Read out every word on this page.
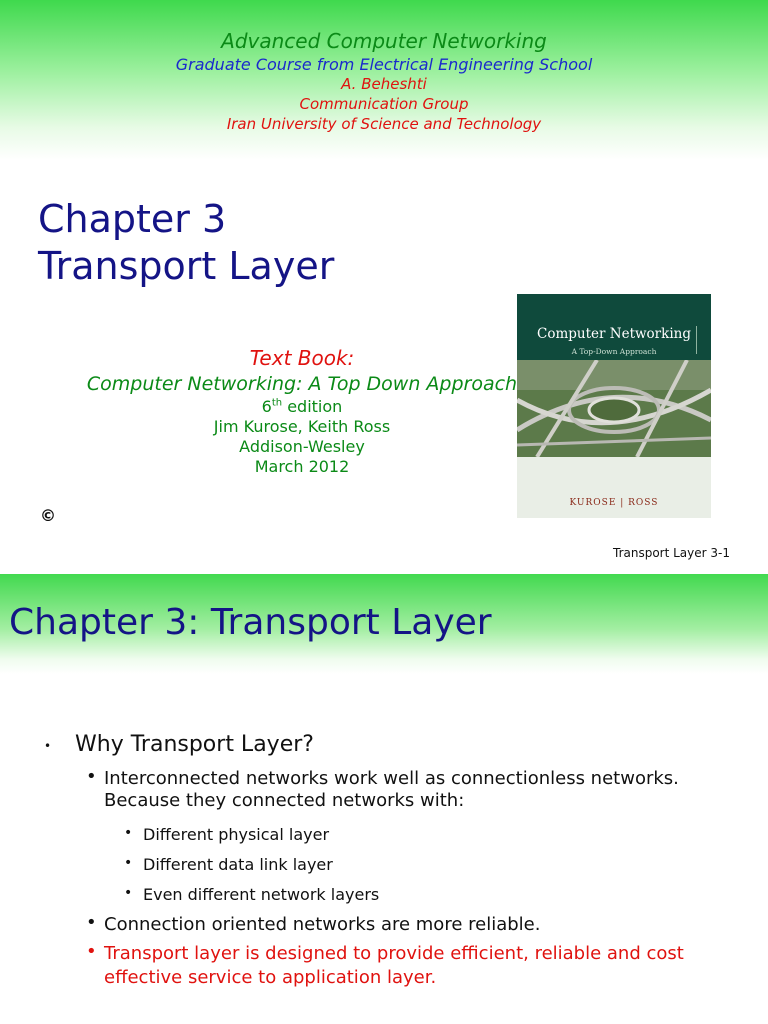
Advanced Computer Networking
Graduate Course from Electrical Engineering School
A. Beheshti
Communication Group
Iran University of Science and Technology
Chapter 3
Transport Layer
Text Book:
Computer Networking: A Top Down Approach
6th edition
Jim Kurose, Keith Ross
Addison-Wesley
March 2012
Computer Networking
A Top-Down Approach
KUROSE | ROSS
©
Transport Layer 3-1
Chapter 3: Transport Layer
• Why Transport Layer?
• Interconnected networks work well as connectionless networks.
Because they connected networks with:
• Different physical layer
• Different data link layer
• Even different network layers
• Connection oriented networks are more reliable.
• Transport layer is designed to provide efficient, reliable and cost
effective service to application layer.
